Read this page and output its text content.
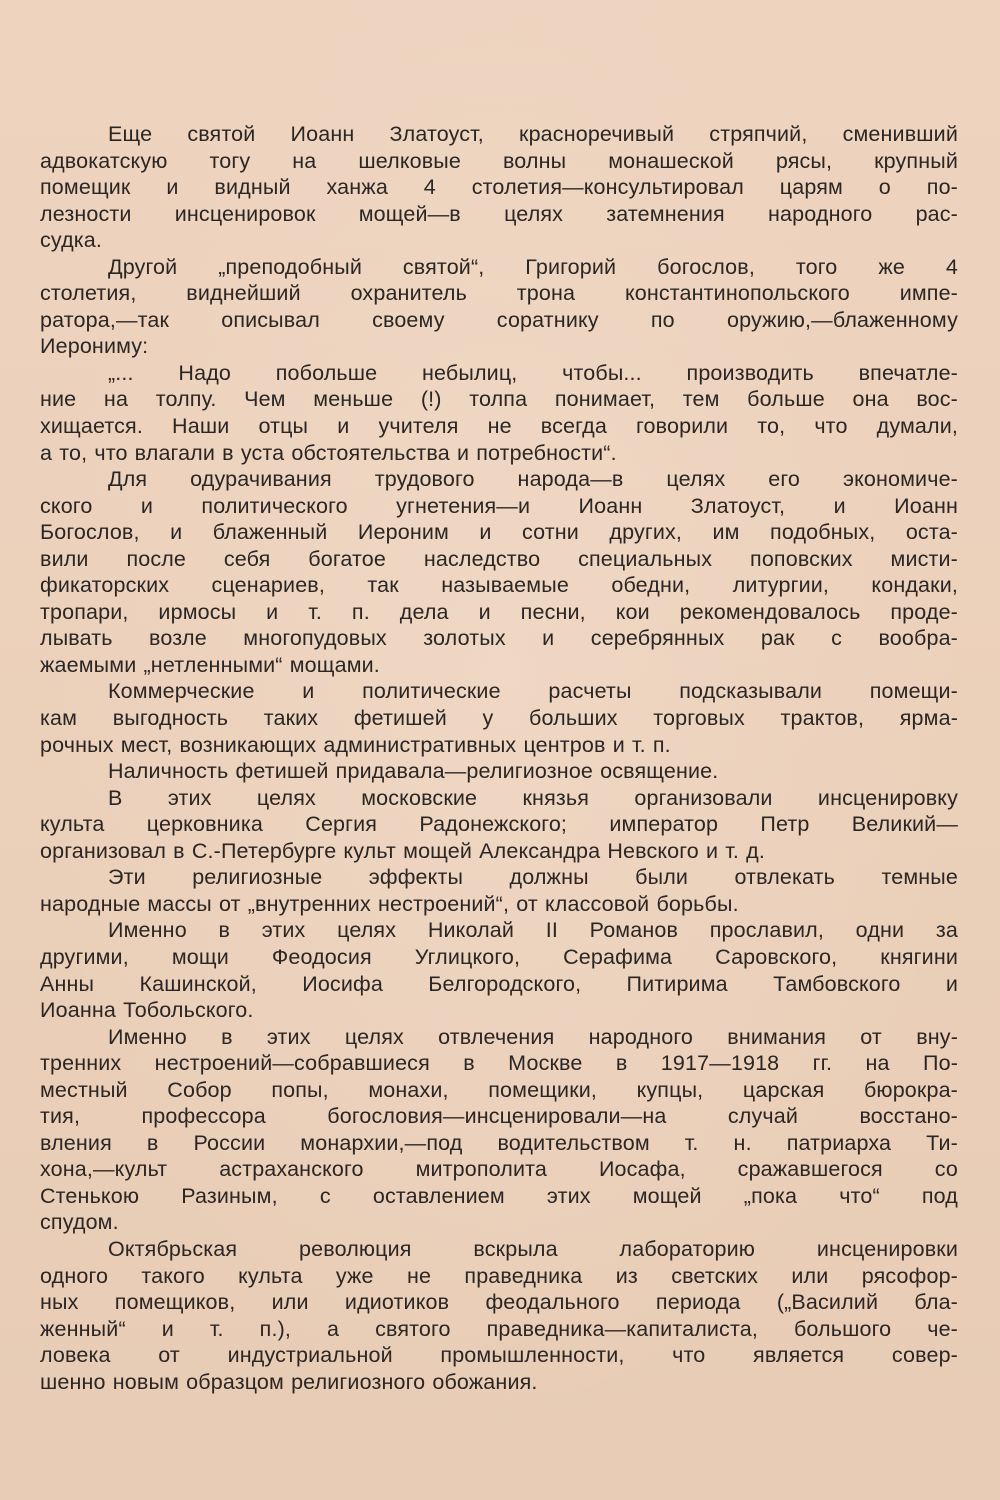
Еще святой Иоанн Златоуст, красноречивый стряпчий, сменивший
адвокатскую тогу на шелковые волны монашеской рясы, крупный
помещик и видный ханжа 4 столетия—консультировал царям о по-
лезности инсценировок мощей—в целях затемнения народного рас-
судка.
Другой „преподобный святой“, Григорий богослов, того же 4
столетия, виднейший охранитель трона константинопольского импе-
ратора,—так описывал своему соратнику по оружию,—блаженному
Иерониму:
„... Надо побольше небылиц, чтобы... производить впечатле-
ние на толпу. Чем меньше (!) толпа понимает, тем больше она вос-
хищается. Наши отцы и учителя не всегда говорили то, что думали,
а то, что влагали в уста обстоятельства и потребности“.
Для одурачивания трудового народа—в целях его экономиче-
ского и политического угнетения—и Иоанн Златоуст, и Иоанн
Богослов, и блаженный Иероним и сотни других, им подобных, оста-
вили после себя богатое наследство специальных поповских мисти-
фикаторских сценариев, так называемые обедни, литургии, кондаки,
тропари, ирмосы и т. п. дела и песни, кои рекомендовалось проде-
лывать возле многопудовых золотых и серебрянных рак с вообра-
жаемыми „нетленными“ мощами.
Коммерческие и политические расчеты подсказывали помещи-
кам выгодность таких фетишей у больших торговых трактов, ярма-
рочных мест, возникающих административных центров и т. п.
Наличность фетишей придавала—религиозное освящение.
В этих целях московские князья организовали инсценировку
культа церковника Сергия Радонежского; император Петр Великий—
организовал в С.-Петербурге культ мощей Александра Невского и т. д.
Эти религиозные эффекты должны были отвлекать темные
народные массы от „внутренних нестроений“, от классовой борьбы.
Именно в этих целях Николай II Романов прославил, одни за
другими, мощи Феодосия Углицкого, Серафима Саровского, княгини
Анны Кашинской, Иосифа Белгородского, Питирима Тамбовского и
Иоанна Тобольского.
Именно в этих целях отвлечения народного внимания от вну-
тренних нестроений—собравшиеся в Москве в 1917—1918 гг. на По-
местный Собор попы, монахи, помещики, купцы, царская бюрокра-
тия, профессора богословия—инсценировали—на случай восстано-
вления в России монархии,—под водительством т. н. патриарха Ти-
хона,—культ астраханского митрополита Иосафа, сражавшегося со
Стенькою Разиным, с оставлением этих мощей „пока что“ под
спудом.
Октябрьская революция вскрыла лабораторию инсценировки
одного такого культа уже не праведника из светских или рясофор-
ных помещиков, или идиотиков феодального периода („Василий бла-
женный“ и т. п.), а святого праведника—капиталиста, большого че-
ловека от индустриальной промышленности, что является совер-
шенно новым образцом религиозного обожания.
